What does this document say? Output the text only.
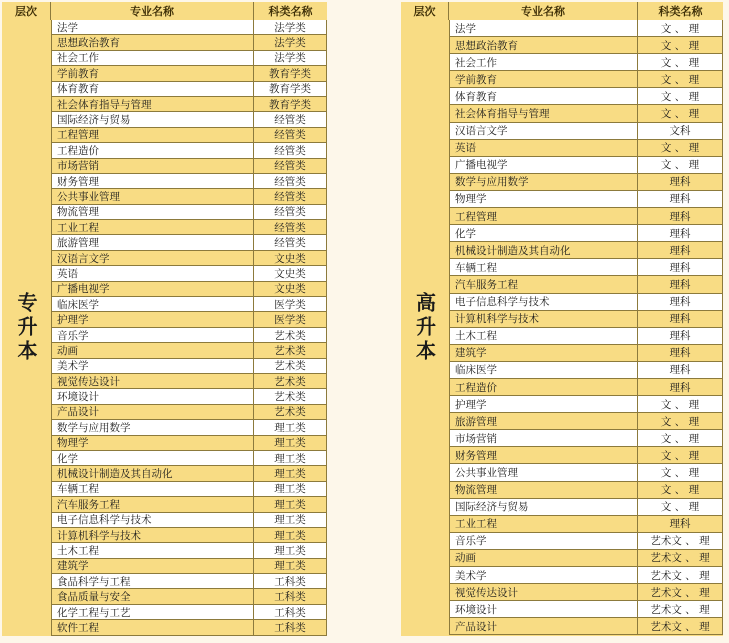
层次	专业名称	科类名称
专升本
法学	法学类
思想政治教育	法学类
社会工作	法学类
学前教育	教育学类
体育教育	教育学类
社会体育指导与管理	教育学类
国际经济与贸易	经管类
工程管理	经管类
工程造价	经管类
市场营销	经管类
财务管理	经管类
公共事业管理	经管类
物流管理	经管类
工业工程	经管类
旅游管理	经管类
汉语言文学	文史类
英语	文史类
广播电视学	文史类
临床医学	医学类
护理学	医学类
音乐学	艺术类
动画	艺术类
美术学	艺术类
视觉传达设计	艺术类
环境设计	艺术类
产品设计	艺术类
数学与应用数学	理工类
物理学	理工类
化学	理工类
机械设计制造及其自动化	理工类
车辆工程	理工类
汽车服务工程	理工类
电子信息科学与技术	理工类
计算机科学与技术	理工类
土木工程	理工类
建筑学	理工类
食品科学与工程	工科类
食品质量与安全	工科类
化学工程与工艺	工科类
软件工程	工科类
层次	专业名称	科类名称
高升本
法学	文 、 理
思想政治教育	文 、 理
社会工作	文 、 理
学前教育	文 、 理
体育教育	文 、 理
社会体育指导与管理	文 、 理
汉语言文学	文科
英语	文 、 理
广播电视学	文 、 理
数学与应用数学	理科
物理学	理科
工程管理	理科
化学	理科
机械设计制造及其自动化	理科
车辆工程	理科
汽车服务工程	理科
电子信息科学与技术	理科
计算机科学与技术	理科
土木工程	理科
建筑学	理科
临床医学	理科
工程造价	理科
护理学	文 、 理
旅游管理	文 、 理
市场营销	文 、 理
财务管理	文 、 理
公共事业管理	文 、 理
物流管理	文 、 理
国际经济与贸易	文 、 理
工业工程	理科
音乐学	艺术文 、 理
动画	艺术文 、 理
美术学	艺术文 、 理
视觉传达设计	艺术文 、 理
环境设计	艺术文 、 理
产品设计	艺术文 、 理
